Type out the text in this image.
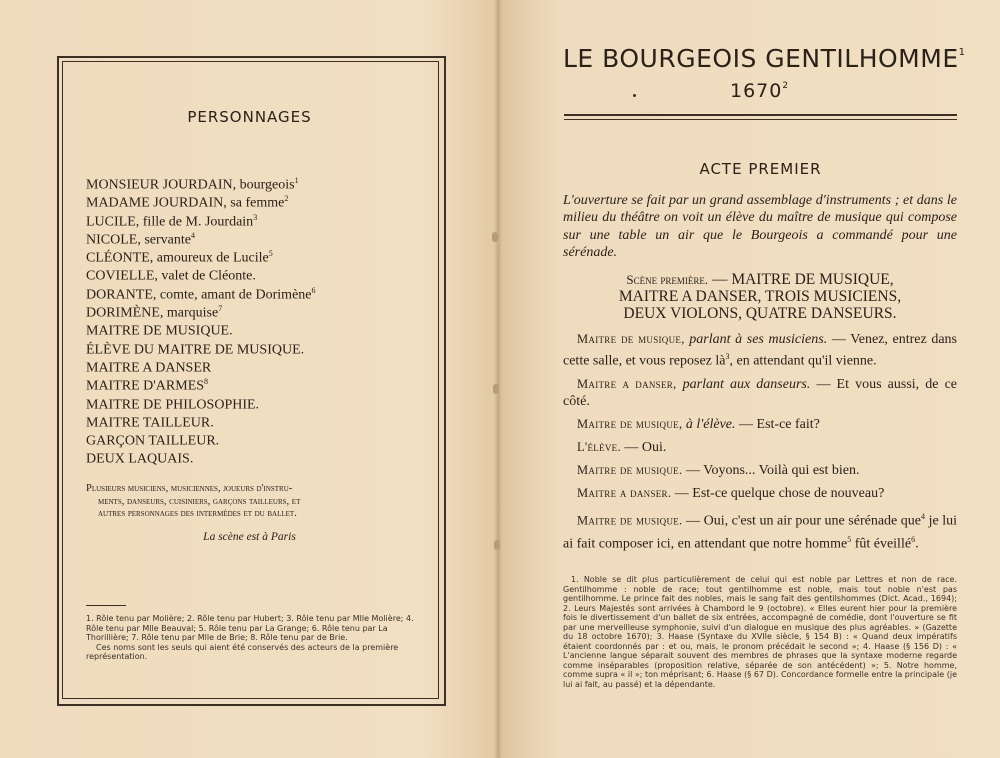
PERSONNAGES
MONSIEUR JOURDAIN, bourgeois$^1$
MADAME JOURDAIN, sa femme$^2$
LUCILE, fille de M. Jourdain$^3$
NICOLE, servante$^4$
CLÉONTE, amoureux de Lucile$^5$
COVIELLE, valet de Cléonte.
DORANTE, comte, amant de Dorimène$^6$
DORIMÈNE, marquise$^7$
MAITRE DE MUSIQUE.
ÉLÈVE DU MAITRE DE MUSIQUE.
MAITRE A DANSER
MAITRE D'ARMES$^8$
MAITRE DE PHILOSOPHIE.
MAITRE TAILLEUR.
GARÇON TAILLEUR.
DEUX LAQUAIS.
Plusieurs musiciens, musiciennes, joueurs d'instru-
ments, danseurs, cuisiniers, garçons tailleurs, et
autres personnages des intermèdes et du ballet.
La scène est à Paris

1. Rôle tenu par Molière; 2. Rôle tenu par Hubert; 3. Rôle tenu par Mlle Molière; 4. Rôle tenu par Mlle Beauval; 5. Rôle tenu par La Grange; 6. Rôle tenu par La Thorillière; 7. Rôle tenu par Mlle de Brie; 8. Rôle tenu par de Brie.

Ces noms sont les seuls qui aient été conservés des acteurs de la première représentation.

LE BOURGEOIS GENTILHOMME$^1$
1670$^2$
ACTE PREMIER
L'ouverture se fait par un grand assemblage d'instruments ; et dans le milieu du théâtre on voit un élève du maître de musique qui compose sur une table un air que le Bourgeois a commandé pour une sérénade.
Scène première. — MAITRE DE MUSIQUE,
MAITRE A DANSER, TROIS MUSICIENS,
DEUX VIOLONS, QUATRE DANSEURS.

Maitre de musique, parlant à ses musiciens. — Venez, entrez dans cette salle, et vous reposez $là^3$, en attendant qu'il vienne.

Maitre a danser, parlant aux danseurs. — Et vous aussi, de ce côté.

Maitre de musique, à l'élève. — Est-ce fait?

L'élève. — Oui.

Maitre de musique. — Voyons... Voilà qui est bien.

Maitre a danser. — Est-ce quelque chose de nouveau?

Maitre de musique. — Oui, c'est un air pour une sérénade que$^4$ je lui ai fait composer ici, en attendant que notre homme$^5$ fût éveillé$^6$.

1. Noble se dit plus particulièrement de celui qui est noble par Lettres et non de race. Gentilhomme : noble de race; tout gentilhomme est noble, mais tout noble n'est pas gentilhomme. Le prince fait des nobles, mais le sang fait des gentilshommes (Dict. Acad., 1694); 2. Leurs Majestés sont arrivées à Chambord le 9 (octobre). « Elles eurent hier pour la première fois le divertissement d'un ballet de six entrées, accompagné de comédie, dont l'ouverture se fit par une merveilleuse symphonie, suivi d'un dialogue en musique des plus agréables. » (Gazette du 18 octobre 1670); 3. Haase (Syntaxe du XVIIe siècle, § 154 B) : « Quand deux impératifs étaient coordonnés par : et ou, mais, le pronom précédait le second »; 4. Haase (§ 156 D) : « L'ancienne langue séparait souvent des membres de phrases que la syntaxe moderne regarde comme inséparables (proposition relative, séparée de son antécédent) »; 5. Notre homme, comme supra « il »; ton méprisant; 6. Haase (§ 67 D). Concordance formelle entre la principale (je lui ai fait, au passé) et la dépendante.
